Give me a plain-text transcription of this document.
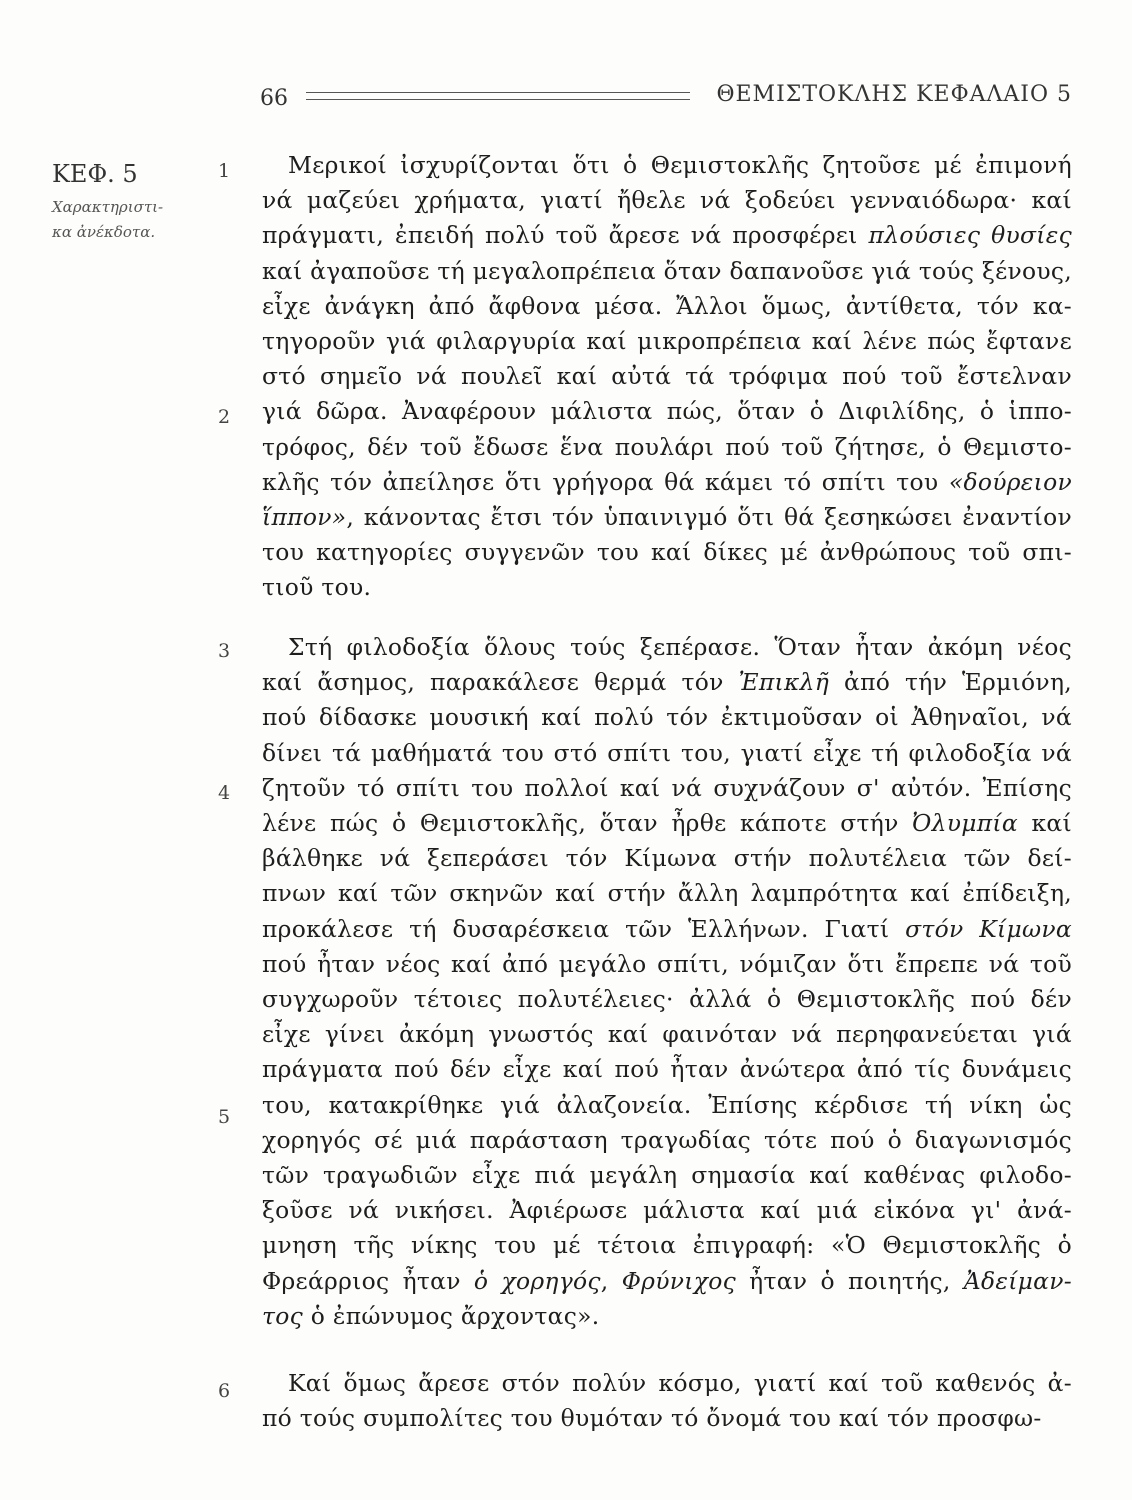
66	ΘΕΜΙΣΤΟΚΛΗΣ ΚΕΦΑΛΑΙΟ 5
ΚΕΦ. 5
Χαρακτηριστι-
κα ἀνέκδοτα.
1
2
3
4
5
6
Μερικοί ἰσχυρίζονται ὅτι ὁ Θεμιστοκλῆς ζητοῦσε μέ ἐπιμονή
νά μαζεύει χρήματα, γιατί ἤθελε νά ξοδεύει γενναιόδωρα· καί
πράγματι, ἐπειδή πολύ τοῦ ἄρεσε νά προσφέρει πλούσιες θυσίες
καί ἀγαποῦσε τή μεγαλοπρέπεια ὅταν δαπανοῦσε γιά τούς ξένους,
εἶχε ἀνάγκη ἀπό ἄφθονα μέσα. Ἄλλοι ὅμως, ἀντίθετα, τόν κα-
τηγοροῦν γιά φιλαργυρία καί μικροπρέπεια καί λένε πώς ἔφτανε
στό σημεῖο νά πουλεῖ καί αὐτά τά τρόφιμα πού τοῦ ἔστελναν
γιά δῶρα. Ἀναφέρουν μάλιστα πώς, ὅταν ὁ Διφιλίδης, ὁ ἱππο-
τρόφος, δέν τοῦ ἔδωσε ἕνα πουλάρι πού τοῦ ζήτησε, ὁ Θεμιστο-
κλῆς τόν ἀπείλησε ὅτι γρήγορα θά κάμει τό σπίτι του «δούρειον
ἵππον», κάνοντας ἔτσι τόν ὑπαινιγμό ὅτι θά ξεσηκώσει ἐναντίον
του κατηγορίες συγγενῶν του καί δίκες μέ ἀνθρώπους τοῦ σπι-
τιοῦ του.
Στή φιλοδοξία ὅλους τούς ξεπέρασε. Ὅταν ἦταν ἀκόμη νέος
καί ἄσημος, παρακάλεσε θερμά τόν Ἐπικλῆ ἀπό τήν Ἑρμιόνη,
πού δίδασκε μουσική καί πολύ τόν ἐκτιμοῦσαν οἱ Ἀθηναῖοι, νά
δίνει τά μαθήματά του στό σπίτι του, γιατί εἶχε τή φιλοδοξία νά
ζητοῦν τό σπίτι του πολλοί καί νά συχνάζουν σ' αὐτόν. Ἐπίσης
λένε πώς ὁ Θεμιστοκλῆς, ὅταν ἦρθε κάποτε στήν Ὀλυμπία καί
βάλθηκε νά ξεπεράσει τόν Κίμωνα στήν πολυτέλεια τῶν δεί-
πνων καί τῶν σκηνῶν καί στήν ἄλλη λαμπρότητα καί ἐπίδειξη,
προκάλεσε τή δυσαρέσκεια τῶν Ἑλλήνων. Γιατί στόν Κίμωνα
πού ἦταν νέος καί ἀπό μεγάλο σπίτι, νόμιζαν ὅτι ἔπρεπε νά τοῦ
συγχωροῦν τέτοιες πολυτέλειες· ἀλλά ὁ Θεμιστοκλῆς πού δέν
εἶχε γίνει ἀκόμη γνωστός καί φαινόταν νά περηφανεύεται γιά
πράγματα πού δέν εἶχε καί πού ἦταν ἀνώτερα ἀπό τίς δυνάμεις
του, κατακρίθηκε γιά ἀλαζονεία. Ἐπίσης κέρδισε τή νίκη ὡς
χορηγός σέ μιά παράσταση τραγωδίας τότε πού ὁ διαγωνισμός
τῶν τραγωδιῶν εἶχε πιά μεγάλη σημασία καί καθένας φιλοδο-
ξοῦσε νά νικήσει. Ἀφιέρωσε μάλιστα καί μιά εἰκόνα γι' ἀνά-
μνηση τῆς νίκης του μέ τέτοια ἐπιγραφή: «Ὁ Θεμιστοκλῆς ὁ
Φρεάρριος ἦταν ὁ χορηγός, Φρύνιχος ἦταν ὁ ποιητής, Ἀδείμαν-
τος ὁ ἐπώνυμος ἄρχοντας».
Καί ὅμως ἄρεσε στόν πολύν κόσμο, γιατί καί τοῦ καθενός ἀ-
πό τούς συμπολίτες του θυμόταν τό ὄνομά του καί τόν προσφω-
